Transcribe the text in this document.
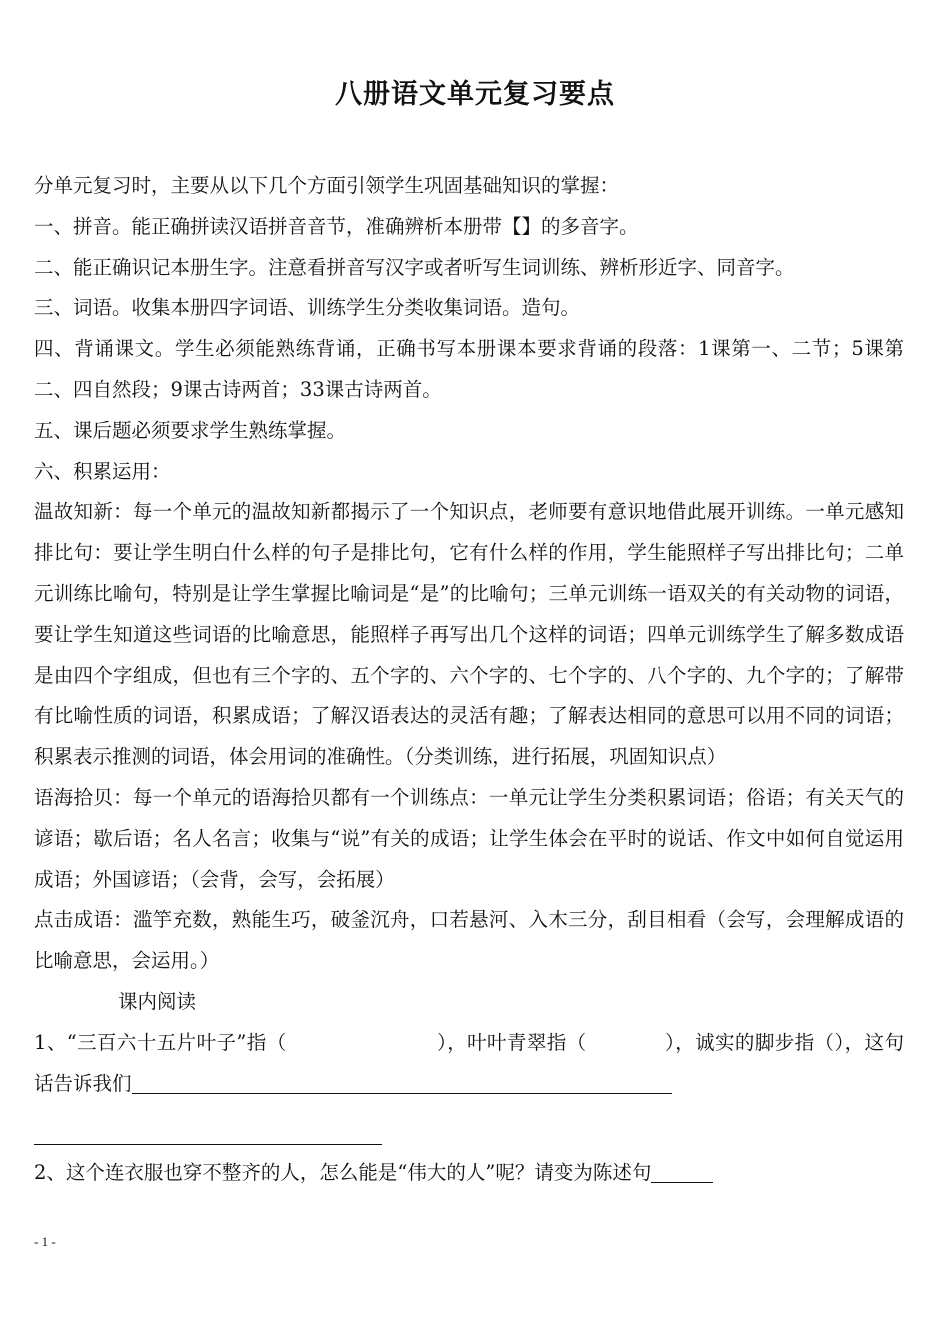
八册语文单元复习要点

分单元复习时，主要从以下几个方面引领学生巩固基础知识的掌握：

一、拼音。能正确拼读汉语拼音音节，准确辨析本册带【】的多音字。

二、能正确识记本册生字。注意看拼音写汉字或者听写生词训练、辨析形近字、同音字。

三、词语。收集本册四字词语、训练学生分类收集词语。造句。

四、背诵课文。学生必须能熟练背诵，正确书写本册课本要求背诵的段落：1课第一、二节；5课第二、四自然段；9课古诗两首；33课古诗两首。

五、课后题必须要求学生熟练掌握。

六、积累运用：

温故知新：每一个单元的温故知新都揭示了一个知识点，老师要有意识地借此展开训练。一单元感知排比句：要让学生明白什么样的句子是排比句，它有什么样的作用，学生能照样子写出排比句；二单元训练比喻句，特别是让学生掌握比喻词是“是”的比喻句；三单元训练一语双关的有关动物的词语，要让学生知道这些词语的比喻意思，能照样子再写出几个这样的词语；四单元训练学生了解多数成语是由四个字组成，但也有三个字的、五个字的、六个字的、七个字的、八个字的、九个字的；了解带有比喻性质的词语，积累成语；了解汉语表达的灵活有趣；了解表达相同的意思可以用不同的词语；积累表示推测的词语，体会用词的准确性。（分类训练，进行拓展，巩固知识点）

语海拾贝：每一个单元的语海拾贝都有一个训练点：一单元让学生分类积累词语；俗语；有关天气的谚语；歇后语；名人名言；收集与“说”有关的成语；让学生体会在平时的说话、作文中如何自觉运用成语；外国谚语；（会背，会写，会拓展）

点击成语：滥竽充数，熟能生巧，破釜沉舟，口若悬河、入木三分，刮目相看（会写，会理解成语的比喻意思，会运用。）

课内阅读

1、“三百六十五片叶子”指（	），叶叶青翠指（	），诚实的脚步指（），这句话告诉我们

2、这个连衣服也穿不整齐的人，怎么能是“伟大的人”呢？请变为陈述句

- 1 -
